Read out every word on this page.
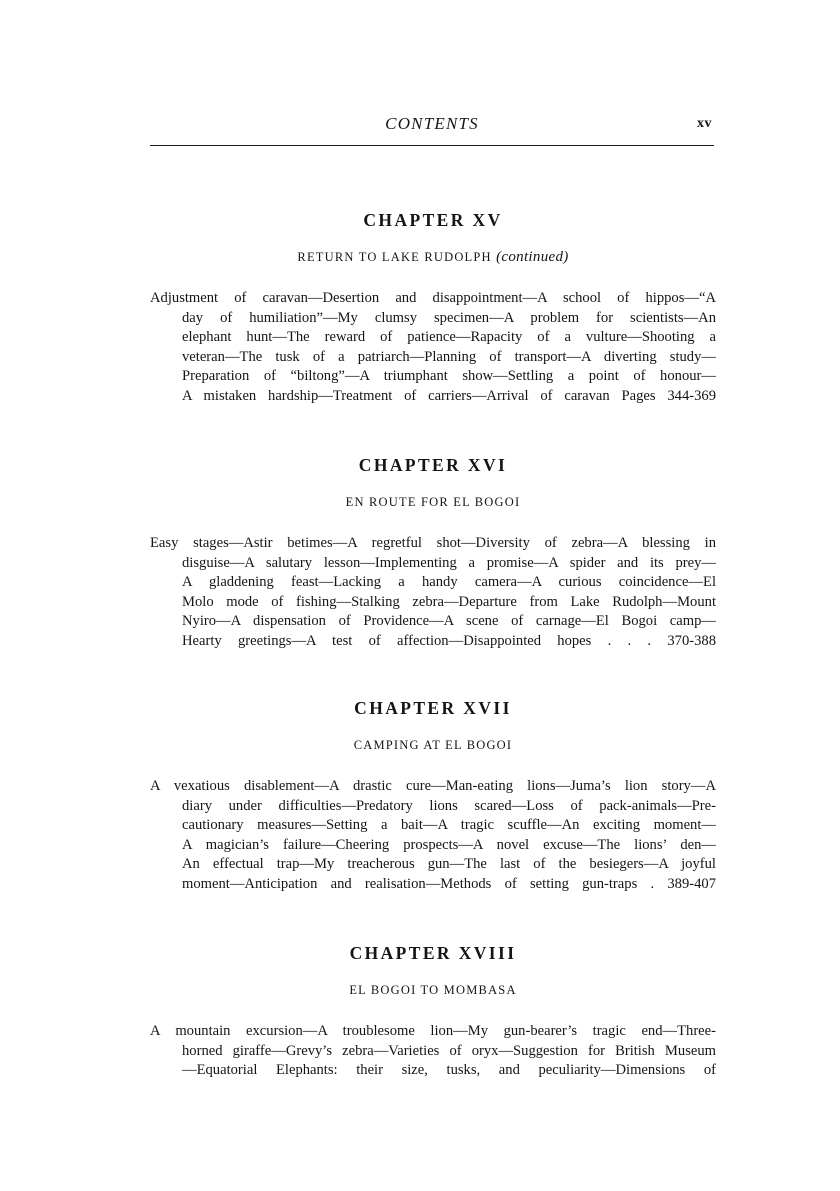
CONTENTS	xv
CHAPTER XV
RETURN TO LAKE RUDOLPH (continued)
Adjustment of caravan—Desertion and disappointment—A school of hippos—“A
day of humiliation”—My clumsy specimen—A problem for scientists—An
elephant hunt—The reward of patience—Rapacity of a vulture—Shooting a
veteran—The tusk of a patriarch—Planning of transport—A diverting study—
Preparation of “biltong”—A triumphant show—Settling a point of honour—
A mistaken hardship—Treatment of carriers—Arrival of caravan Pages 344-369
CHAPTER XVI
EN ROUTE FOR EL BOGOI
Easy stages—Astir betimes—A regretful shot—Diversity of zebra—A blessing in
disguise—A salutary lesson—Implementing a promise—A spider and its prey—
A gladdening feast—Lacking a handy camera—A curious coincidence—El
Molo mode of fishing—Stalking zebra—Departure from Lake Rudolph—Mount
Nyiro—A dispensation of Providence—A scene of carnage—El Bogoi camp—
Hearty greetings—A test of affection—Disappointed hopes . . . 370-388
CHAPTER XVII
CAMPING AT EL BOGOI
A vexatious disablement—A drastic cure—Man-eating lions—Juma’s lion story—A
diary under difficulties—Predatory lions scared—Loss of pack-animals—Pre-
cautionary measures—Setting a bait—A tragic scuffle—An exciting moment—
A magician’s failure—Cheering prospects—A novel excuse—The lions’ den—
An effectual trap—My treacherous gun—The last of the besiegers—A joyful
moment—Anticipation and realisation—Methods of setting gun-traps . 389-407
CHAPTER XVIII
EL BOGOI TO MOMBASA
A mountain excursion—A troublesome lion—My gun-bearer’s tragic end—Three-
horned giraffe—Grevy’s zebra—Varieties of oryx—Suggestion for British Museum
—Equatorial Elephants: their size, tusks, and peculiarity—Dimensions of
